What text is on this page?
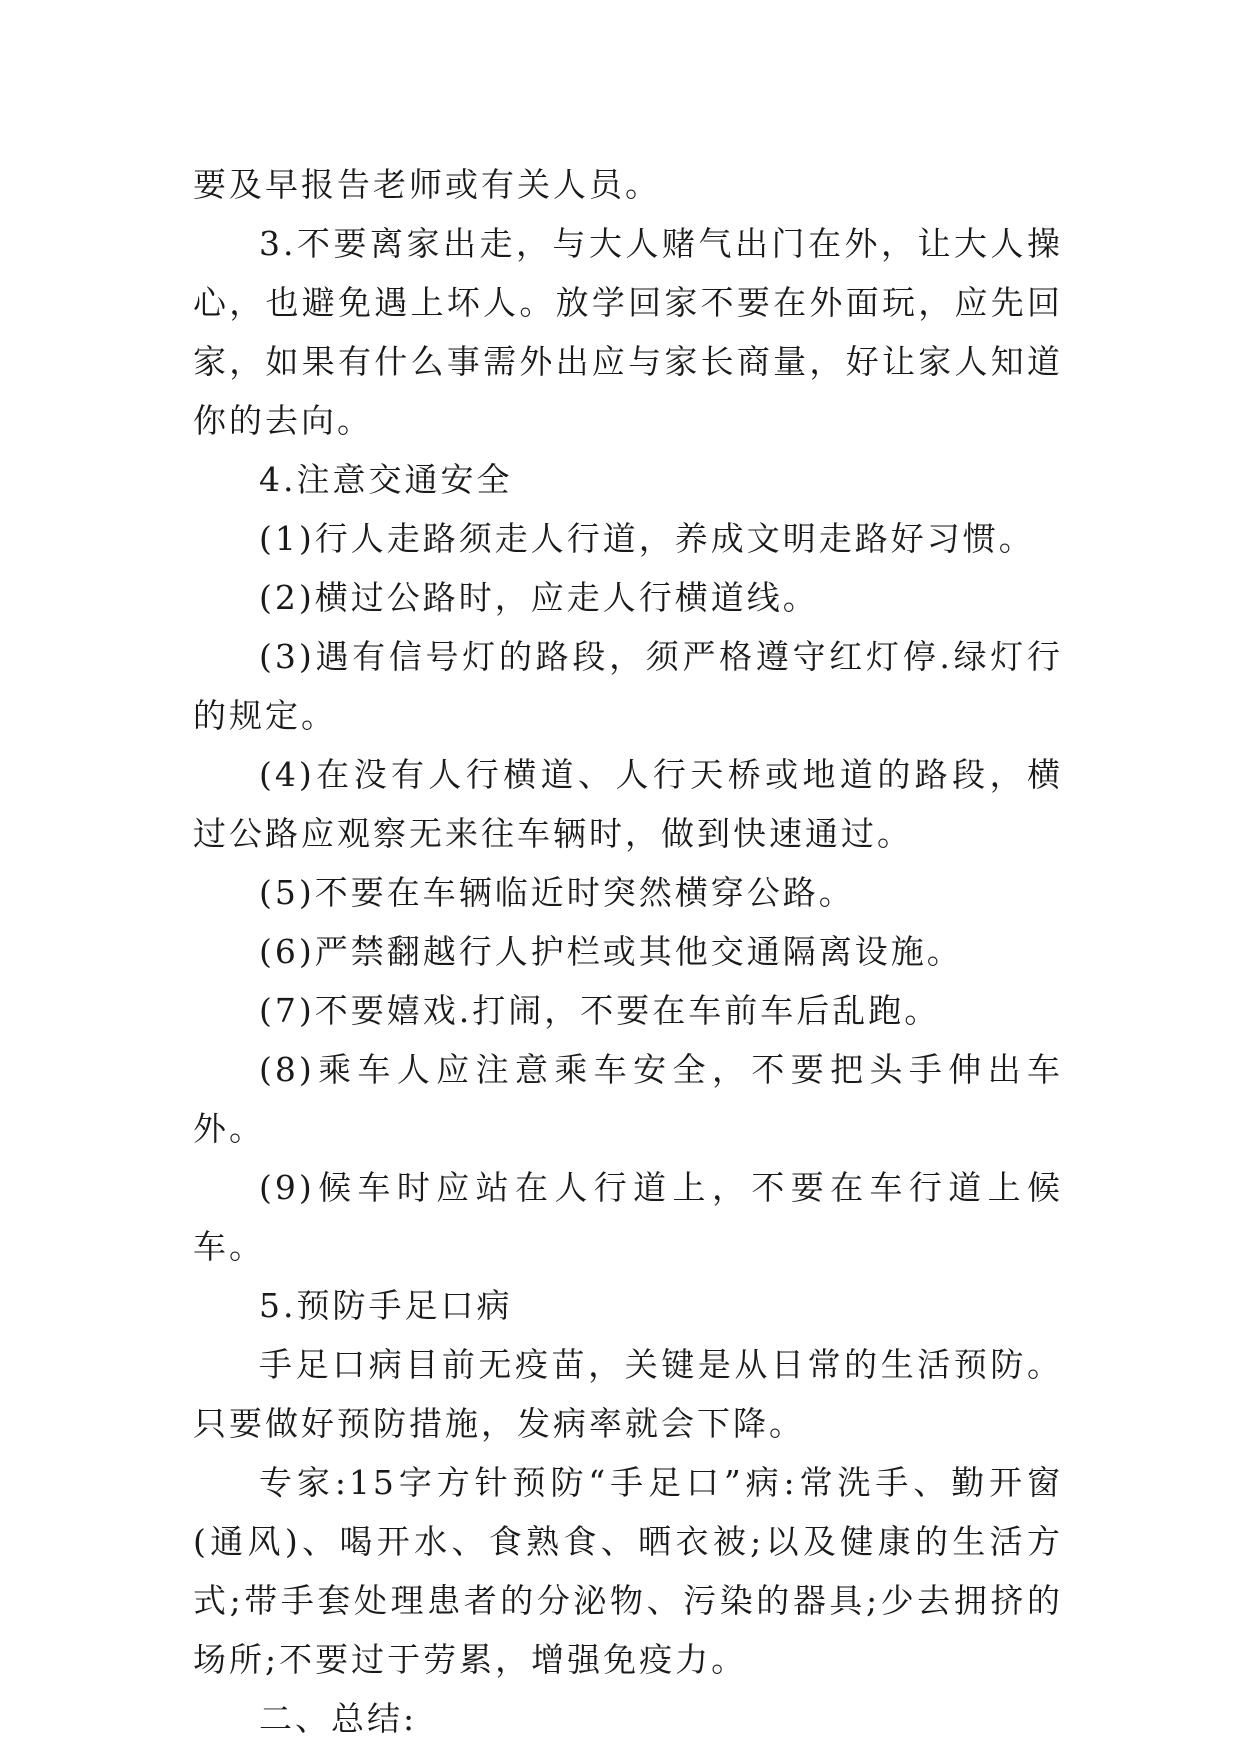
要及早报告老师或有关人员。

3.不要离家出走，与大人赌气出门在外，让大人操心，也避免遇上坏人。放学回家不要在外面玩，应先回家，如果有什么事需外出应与家长商量，好让家人知道你的去向。

4.注意交通安全

(1)行人走路须走人行道，养成文明走路好习惯。

(2)横过公路时，应走人行横道线。

(3)遇有信号灯的路段，须严格遵守红灯停.绿灯行的规定。

(4)在没有人行横道、人行天桥或地道的路段，横过公路应观察无来往车辆时，做到快速通过。

(5)不要在车辆临近时突然横穿公路。

(6)严禁翻越行人护栏或其他交通隔离设施。

(7)不要嬉戏.打闹，不要在车前车后乱跑。

(8)乘车人应注意乘车安全，不要把头手伸出车外。

(9)候车时应站在人行道上，不要在车行道上候车。

5.预防手足口病

手足口病目前无疫苗，关键是从日常的生活预防。只要做好预防措施，发病率就会下降。

专家:15字方针预防“手足口”病:常洗手、勤开窗(通风)、喝开水、食熟食、晒衣被;以及健康的生活方式;带手套处理患者的分泌物、污染的器具;少去拥挤的场所;不要过于劳累，增强免疫力。

二、总结:
